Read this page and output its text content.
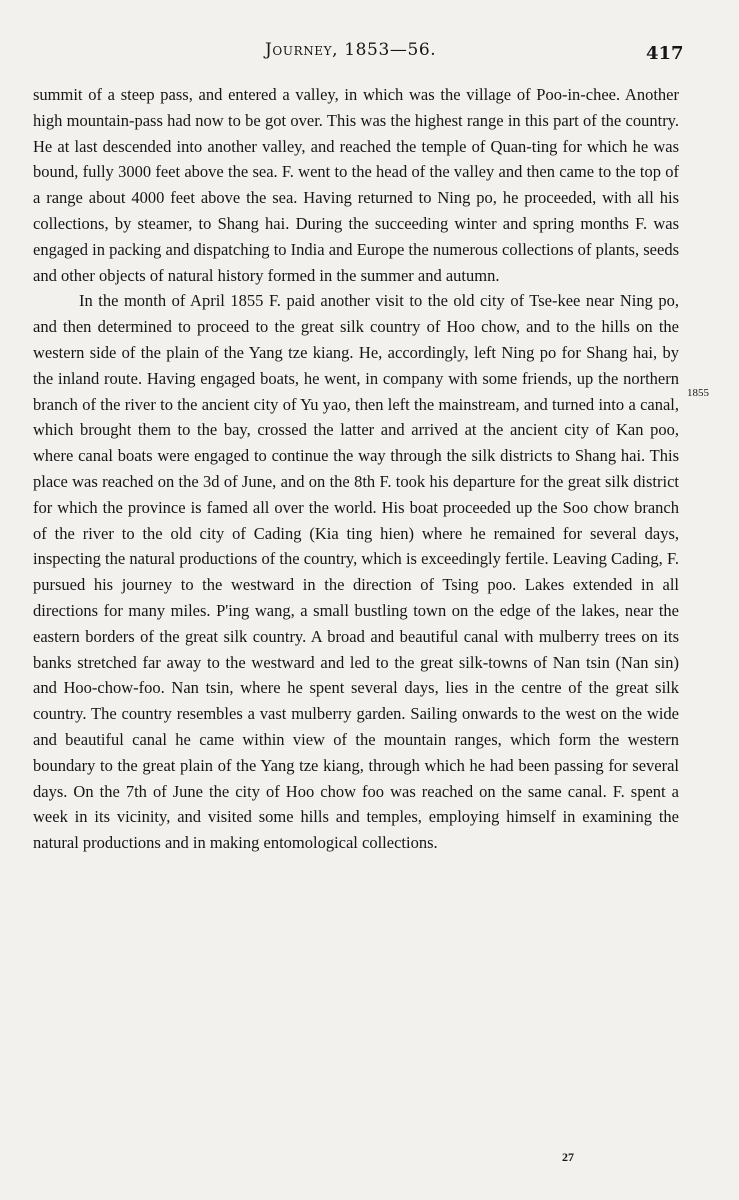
Journey, 1853—56.	417

summit of a steep pass, and entered a valley, in which was the village of Poo-in-chee. Another high mountain-pass had now to be got over. This was the highest range in this part of the country. He at last descended into another valley, and reached the temple of Quan-ting for which he was bound, fully 3000 feet above the sea. F. went to the head of the valley and then came to the top of a range about 4000 feet above the sea. Having returned to Ning po, he proceeded, with all his collections, by steamer, to Shang hai. During the succeeding winter and spring months F. was engaged in packing and dispatching to India and Europe the numerous collections of plants, seeds and other objects of natural history formed in the summer and autumn.

In the month of April 1855 F. paid another visit to the old city of Tse-kee near Ning po, and then determined to proceed to the great silk country of Hoo chow, and to the hills on the western side of the plain of the Yang tze kiang. He, accordingly, left Ning po for Shang hai, by the inland route. Having engaged boats, he went, in company with some friends, up the northern branch of the river to the ancient city of Yu yao, then left the mainstream, and turned into a canal, which brought them to the bay, crossed the latter and arrived at the ancient city of Kan poo, where canal boats were engaged to continue the way through the silk districts to Shang hai. This place was reached on the 3d of June, and on the 8th F. took his departure for the great silk district for which the province is famed all over the world. His boat proceeded up the Soo chow branch of the river to the old city of Cading (Kia ting hien) where he remained for several days, inspecting the natural productions of the country, which is exceedingly fertile. Leaving Cading, F. pursued his journey to the westward in the direction of Tsing poo. Lakes extended in all directions for many miles. P'ing wang, a small bustling town on the edge of the lakes, near the eastern borders of the great silk country. A broad and beautiful canal with mulberry trees on its banks stretched far away to the westward and led to the great silk-towns of Nan tsin (Nan sin) and Hoo-chow-foo. Nan tsin, where he spent several days, lies in the centre of the great silk country. The country resembles a vast mulberry garden. Sailing onwards to the west on the wide and beautiful canal he came within view of the mountain ranges, which form the western boundary to the great plain of the Yang tze kiang, through which he had been passing for several days. On the 7th of June the city of Hoo chow foo was reached on the same canal. F. spent a week in its vicinity, and visited some hills and temples, employing himself in examining the natural productions and in making entomological collections.

1855
27
